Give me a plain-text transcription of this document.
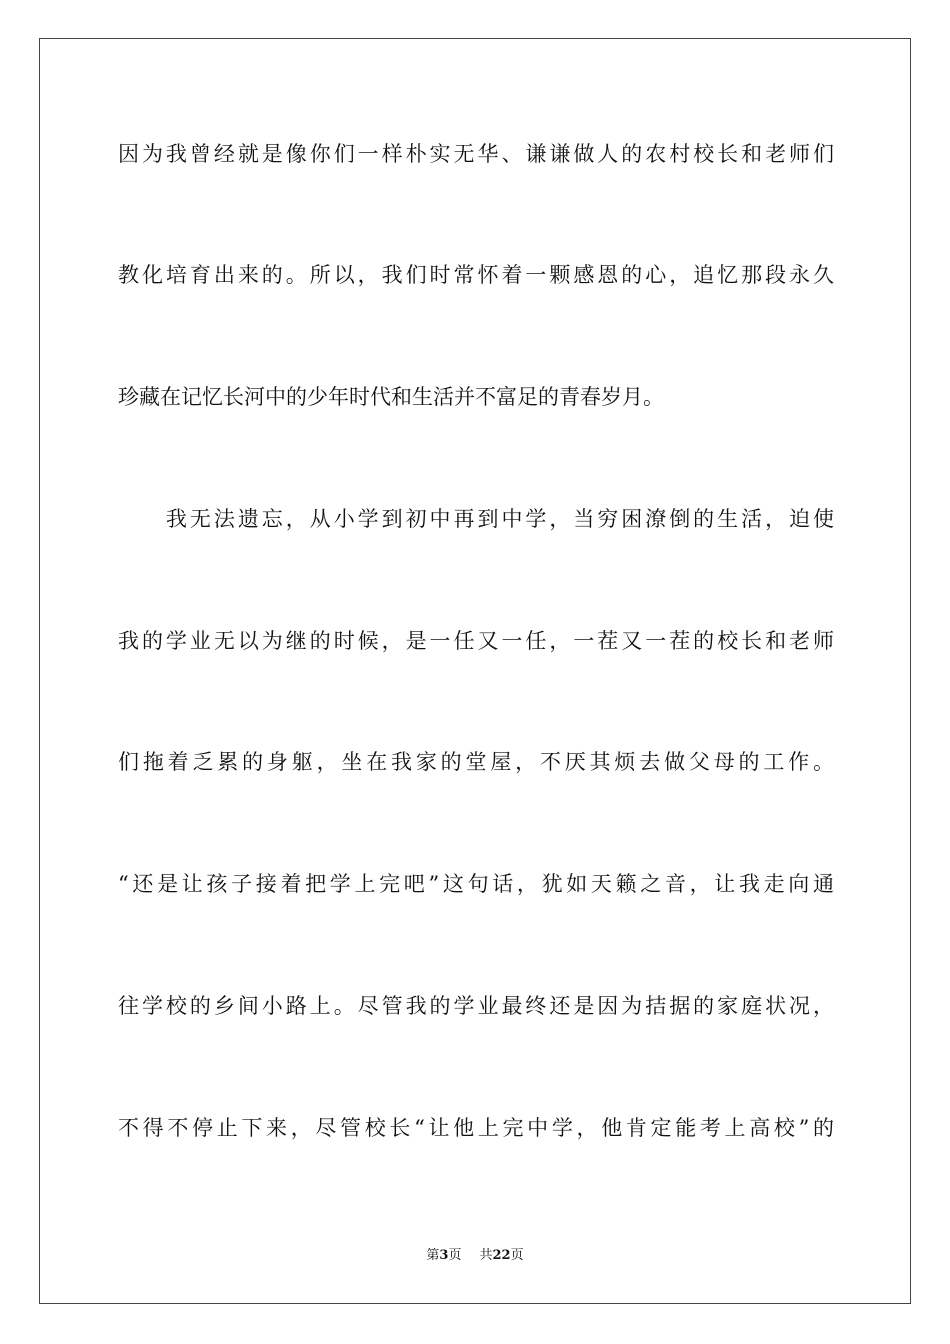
因为我曾经就是像你们一样朴实无华、谦谦做人的农村校长和老师们
教化培育出来的。所以，我们时常怀着一颗感恩的心，追忆那段永久
珍藏在记忆长河中的少年时代和生活并不富足的青春岁月。
　　我无法遗忘，从小学到初中再到中学，当穷困潦倒的生活，迫使
我的学业无以为继的时候，是一任又一任，一茬又一茬的校长和老师
们拖着乏累的身躯，坐在我家的堂屋，不厌其烦去做父母的工作。
“还是让孩子接着把学上完吧”这句话，犹如天籁之音，让我走向通
往学校的乡间小路上。尽管我的学业最终还是因为拮据的家庭状况，
不得不停止下来，尽管校长“让他上完中学，他肯定能考上高校”的
第3页 共22页
